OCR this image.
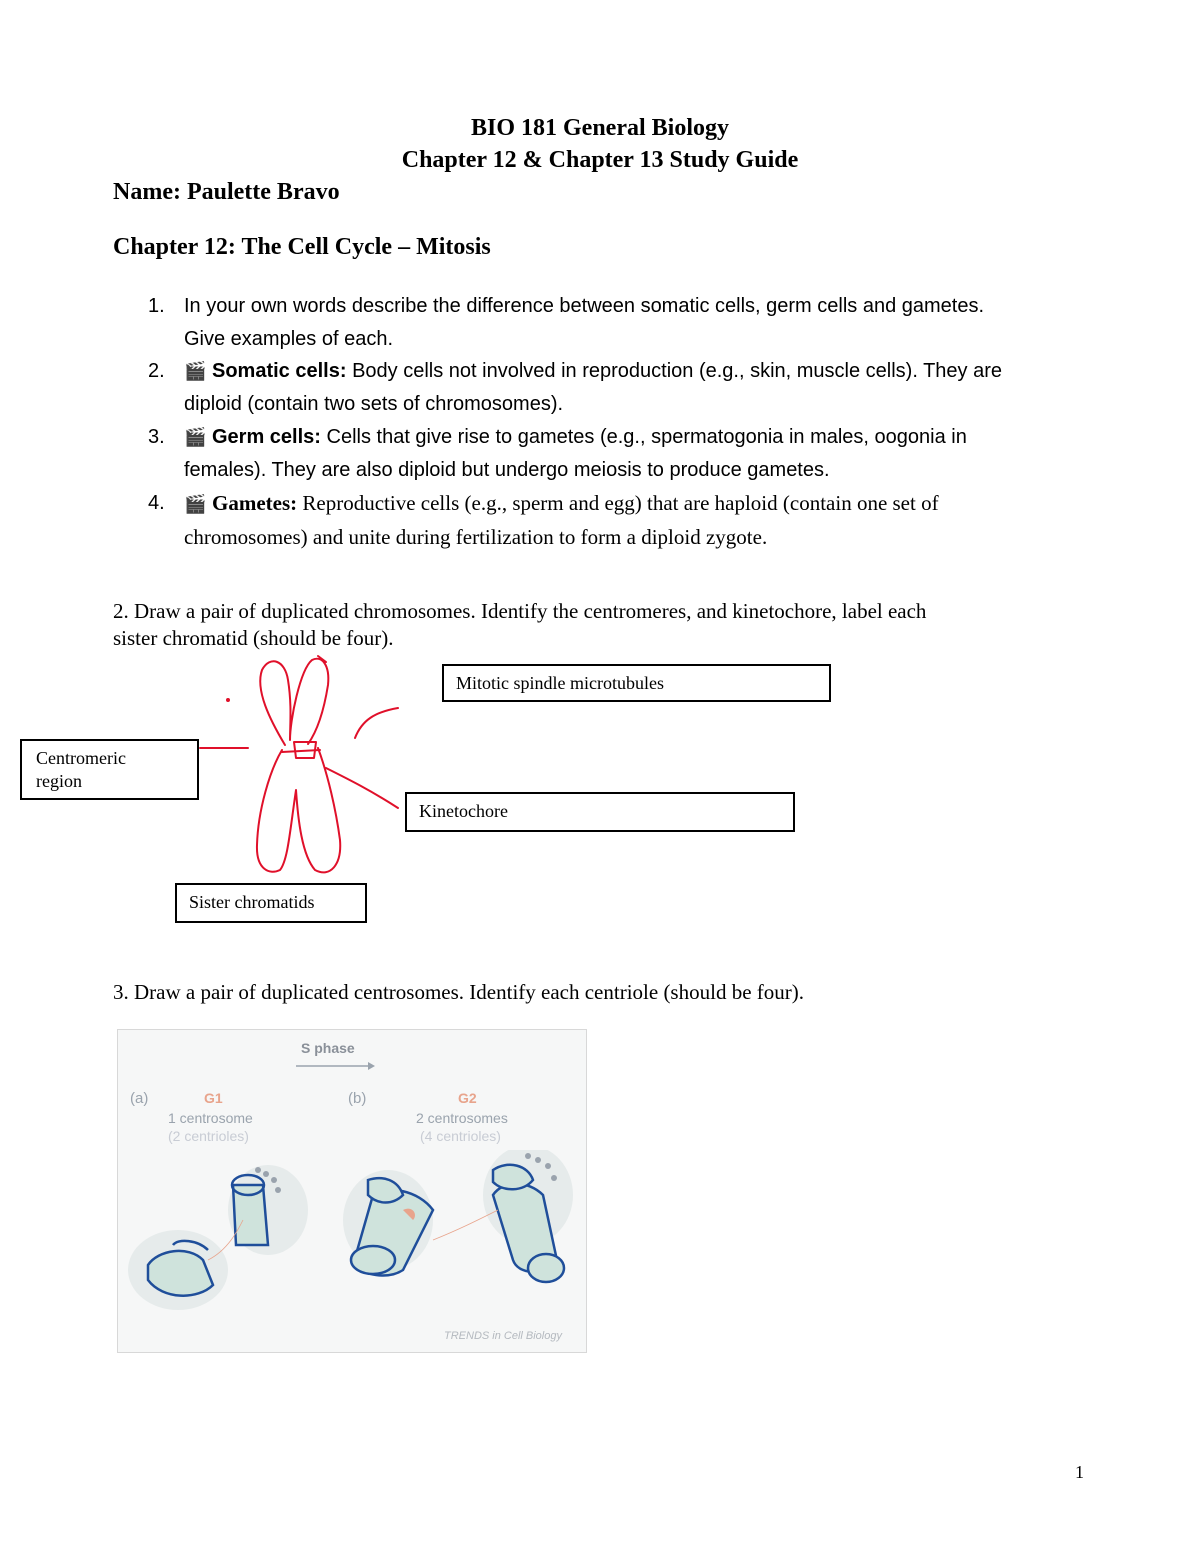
BIO 181 General Biology
Chapter 12 & Chapter 13 Study Guide
Name: Paulette Bravo
Chapter 12: The Cell Cycle – Mitosis
1. In your own words describe the difference between somatic cells, germ cells and gametes.
Give examples of each.
2. 🎬 Somatic cells: Body cells not involved in reproduction (e.g., skin, muscle cells). They are
diploid (contain two sets of chromosomes).
3. 🎬 Germ cells: Cells that give rise to gametes (e.g., spermatogonia in males, oogonia in
females). They are also diploid but undergo meiosis to produce gametes.
4. 🎬 Gametes: Reproductive cells (e.g., sperm and egg) that are haploid (contain one set of
chromosomes) and unite during fertilization to form a diploid zygote.
2. Draw a pair of duplicated chromosomes. Identify the centromeres, and kinetochore, label each
sister chromatid (should be four).
Mitotic spindle microtubules
Centromeric
region
Kinetochore
Sister chromatids
3. Draw a pair of duplicated centrosomes. Identify each centriole (should be four).
S phase
(a)	G1
1 centrosome
(2 centrioles)
(b)	G2
2 centrosomes
(4 centrioles)
TRENDS in Cell Biology
1
